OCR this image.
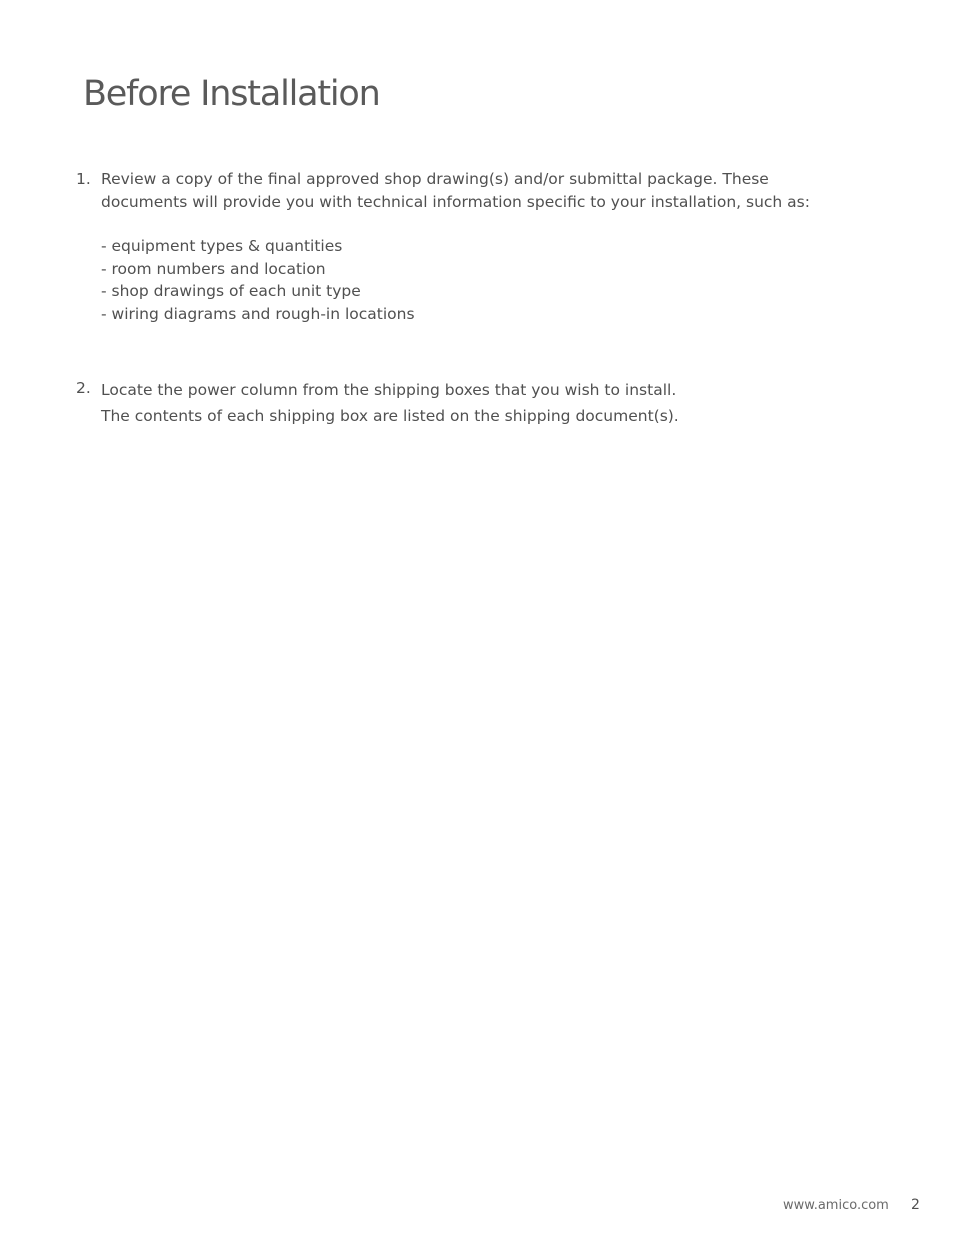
Before Installation
1. Review a copy of the final approved shop drawing(s) and/or submittal package. These
documents will provide you with technical information specific to your installation, such as:
- equipment types & quantities
- room numbers and location
- shop drawings of each unit type
- wiring diagrams and rough-in locations
2. Locate the power column from the shipping boxes that you wish to install.
The contents of each shipping box are listed on the shipping document(s).
www.amico.com 2
